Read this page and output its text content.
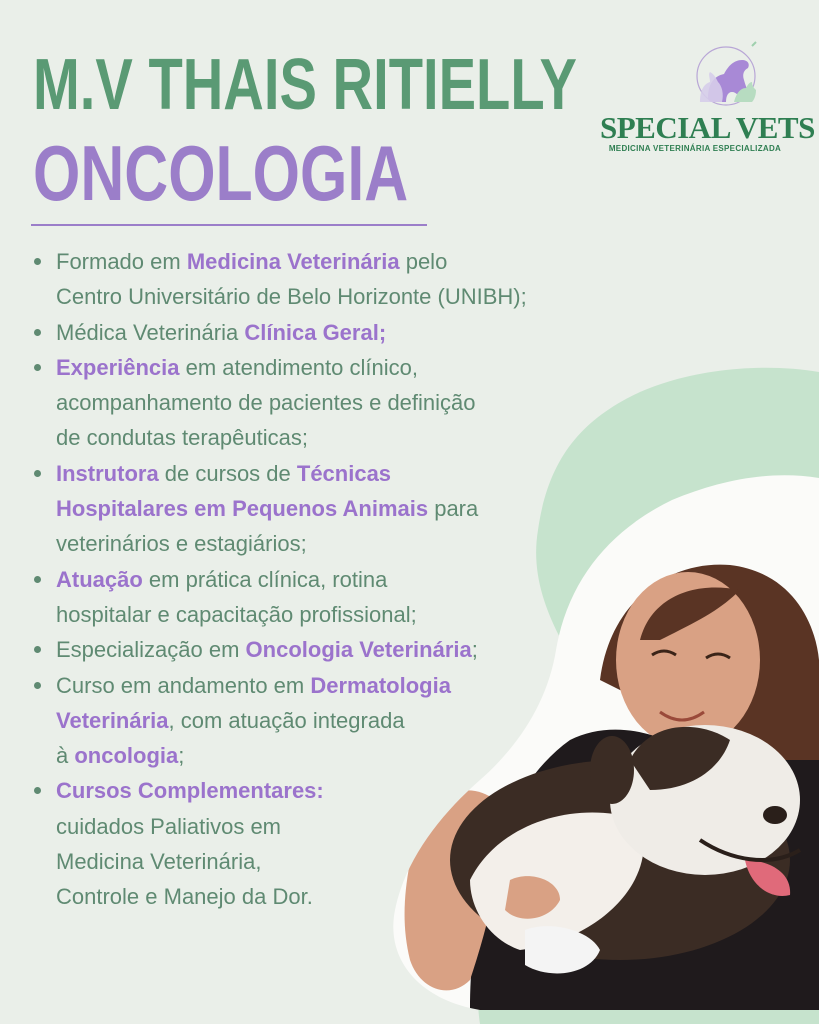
M.V THAIS RITIELLY
ONCOLOGIA
SPECIAL VETS
MEDICINA VETERINÁRIA ESPECIALIZADA
Formado em Medicina Veterinária pelo
Centro Universitário de Belo Horizonte (UNIBH);
Médica Veterinária Clínica Geral;
Experiência em atendimento clínico,
acompanhamento de pacientes e definição
de condutas terapêuticas;
Instrutora de cursos de Técnicas
Hospitalares em Pequenos Animais para
veterinários e estagiários;
Atuação em prática clínica, rotina
hospitalar e capacitação profissional;
Especialização em Oncologia Veterinária;
Curso em andamento em Dermatologia
Veterinária, com atuação integrada
à oncologia;
Cursos Complementares:
cuidados Paliativos em
Medicina Veterinária,
Controle e Manejo da Dor.
